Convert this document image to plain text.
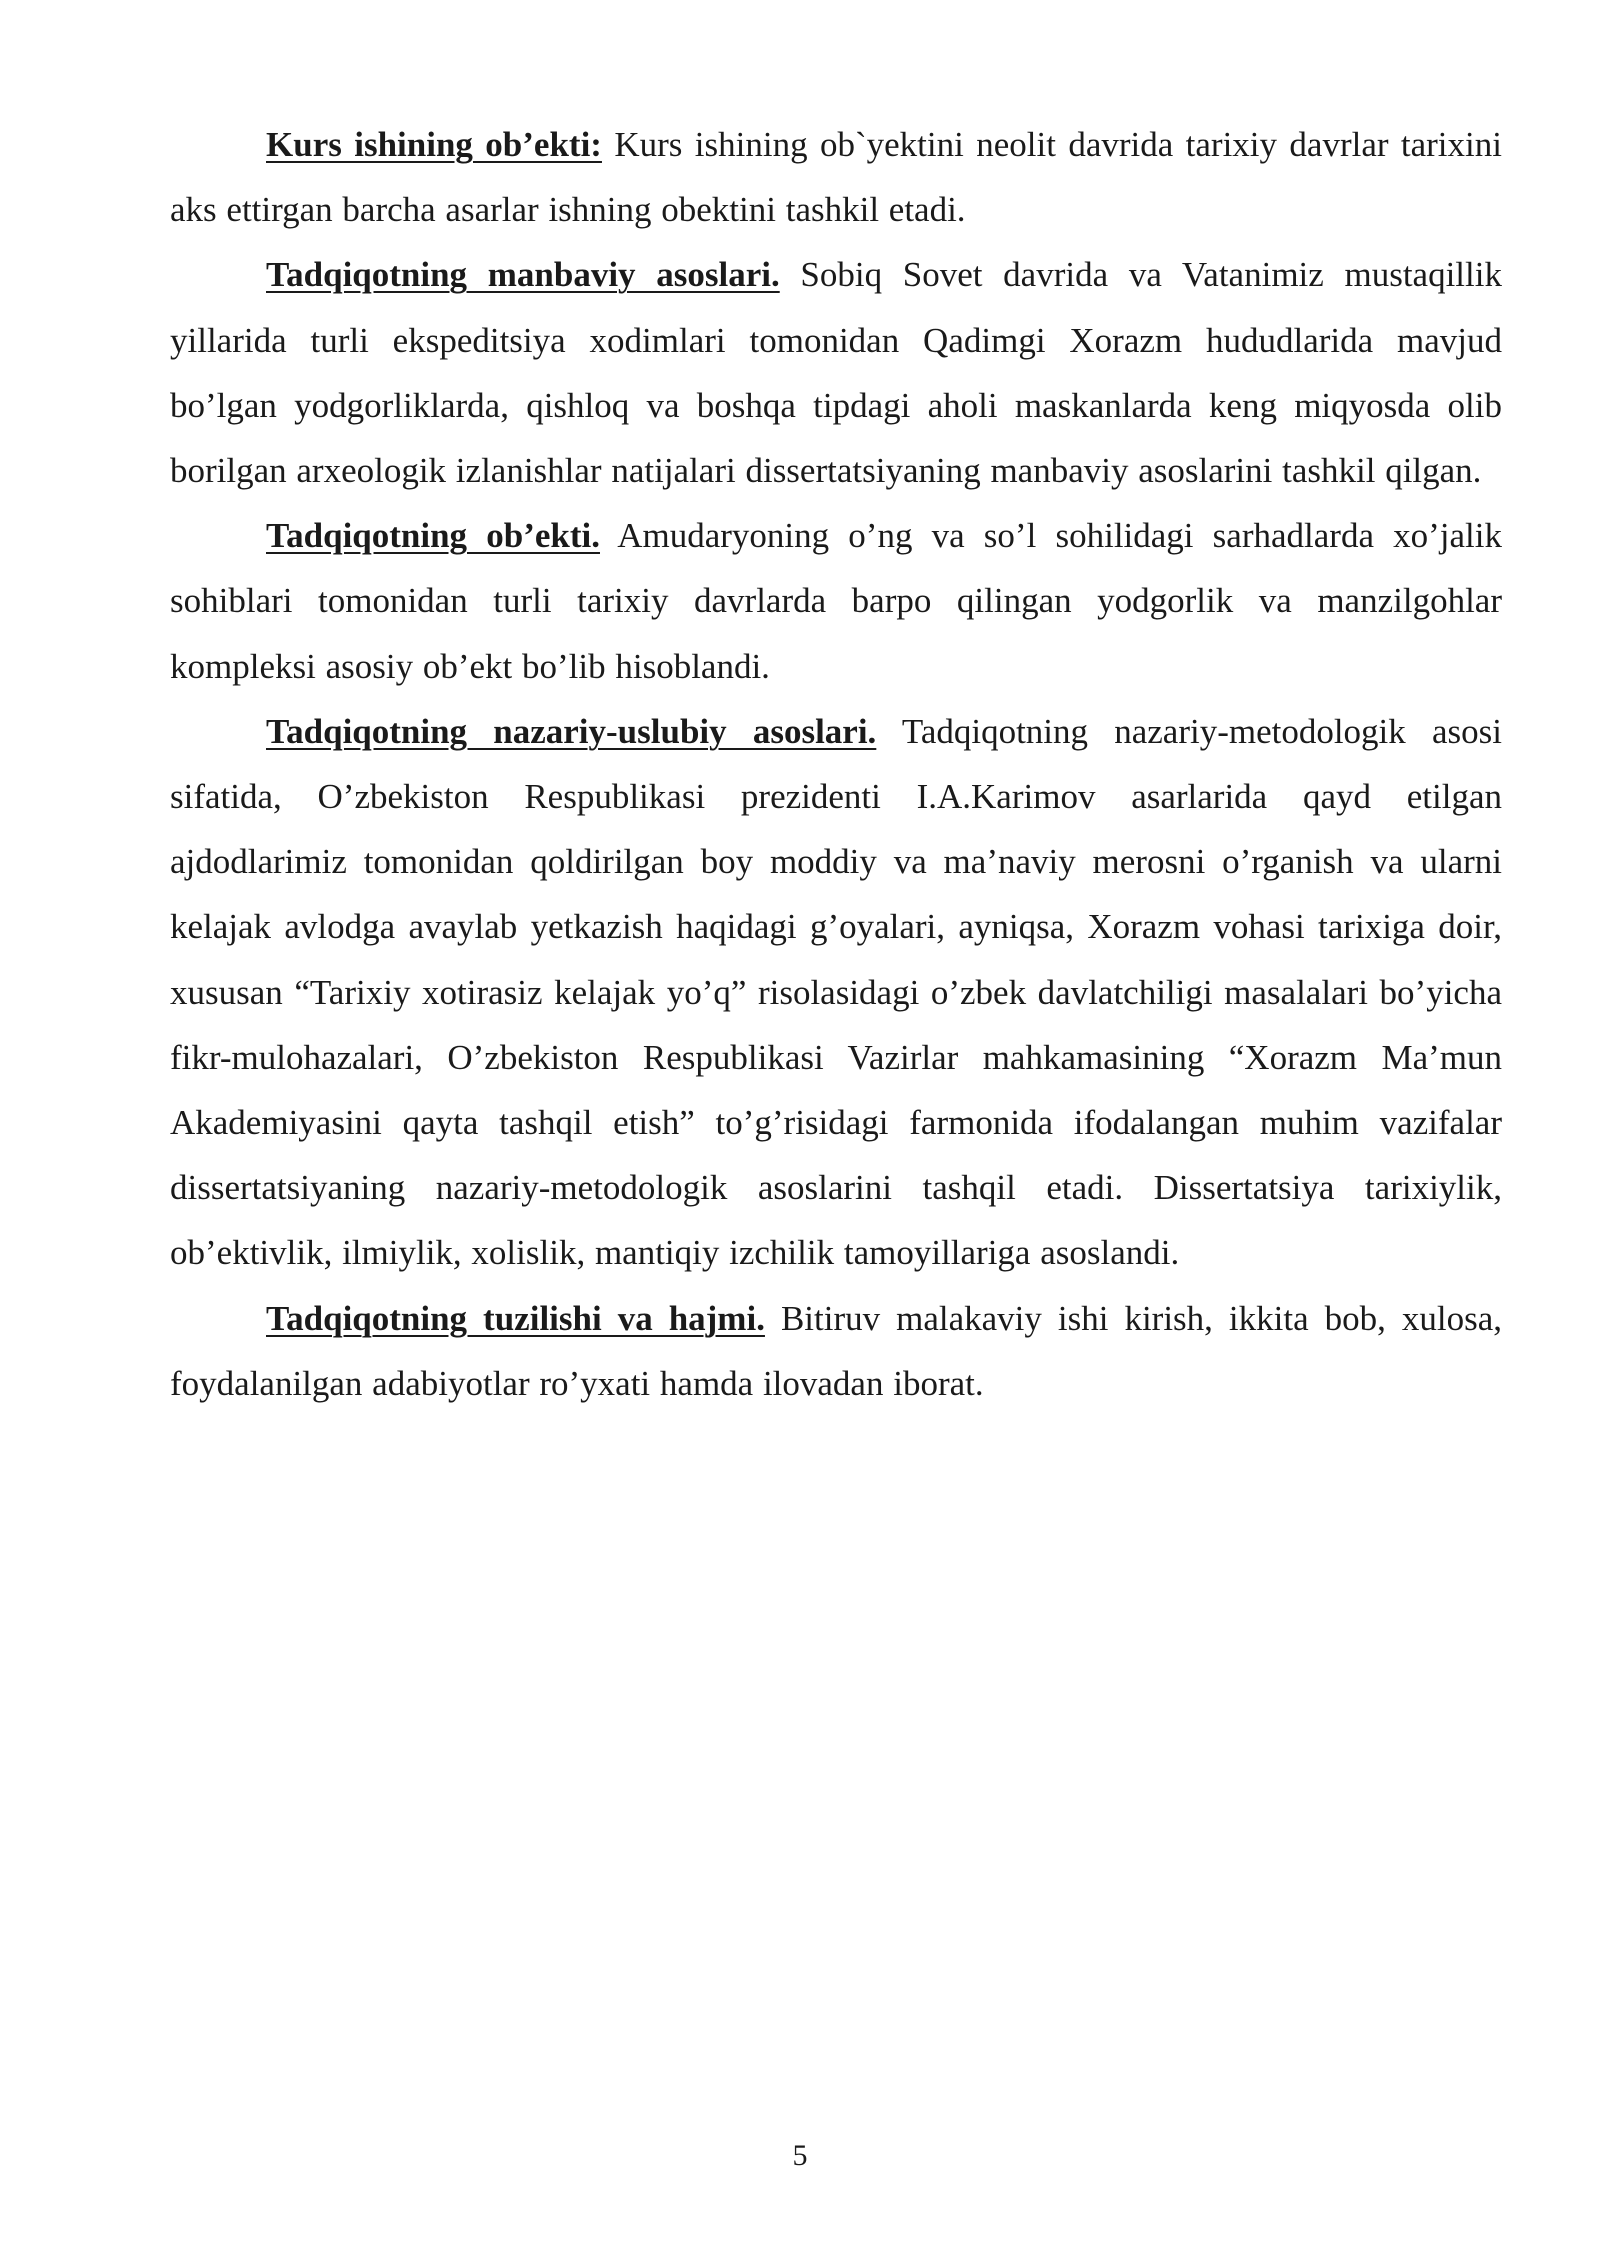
Kurs ishining ob’ekti: Kurs ishining ob`yektini neolit davrida tarixiy davrlar tarixini aks ettirgan barcha asarlar ishning obektini tashkil etadi.

Tadqiqotning manbaviy asoslari. Sobiq Sovet davrida va Vatanimiz mustaqillik yillarida turli ekspeditsiya xodimlari tomonidan Qadimgi Xorazm hududlarida mavjud bo’lgan yodgorliklarda, qishloq va boshqa tipdagi aholi maskanlarda keng miqyosda olib borilgan arxeologik izlanishlar natijalari dissertatsiyaning manbaviy asoslarini tashkil qilgan.

Tadqiqotning ob’ekti. Amudaryoning o’ng va so’l sohilidagi sarhadlarda xo’jalik sohiblari tomonidan turli tarixiy davrlarda barpo qilingan yodgorlik va manzilgohlar kompleksi asosiy ob’ekt bo’lib hisoblandi.

Tadqiqotning nazariy-uslubiy asoslari. Tadqiqotning nazariy-metodologik asosi sifatida, O’zbekiston Respublikasi prezidenti I.A.Karimov asarlarida qayd etilgan ajdodlarimiz tomonidan qoldirilgan boy moddiy va ma’naviy merosni o’rganish va ularni kelajak avlodga avaylab yetkazish haqidagi g’oyalari, ayniqsa, Xorazm vohasi tarixiga doir, xususan “Tarixiy xotirasiz kelajak yo’q” risolasidagi o’zbek davlatchiligi masalalari bo’yicha fikr-mulohazalari, O’zbekiston Respublikasi Vazirlar mahkamasining “Xorazm Ma’mun Akademiyasini qayta tashqil etish” to’g’risidagi farmonida ifodalangan muhim vazifalar dissertatsiyaning nazariy-metodologik asoslarini tashqil etadi. Dissertatsiya tarixiylik, ob’ektivlik, ilmiylik, xolislik, mantiqiy izchilik tamoyillariga asoslandi.

Tadqiqotning tuzilishi va hajmi. Bitiruv malakaviy ishi kirish, ikkita bob, xulosa, foydalanilgan adabiyotlar ro’yxati hamda ilovadan iborat.

5
